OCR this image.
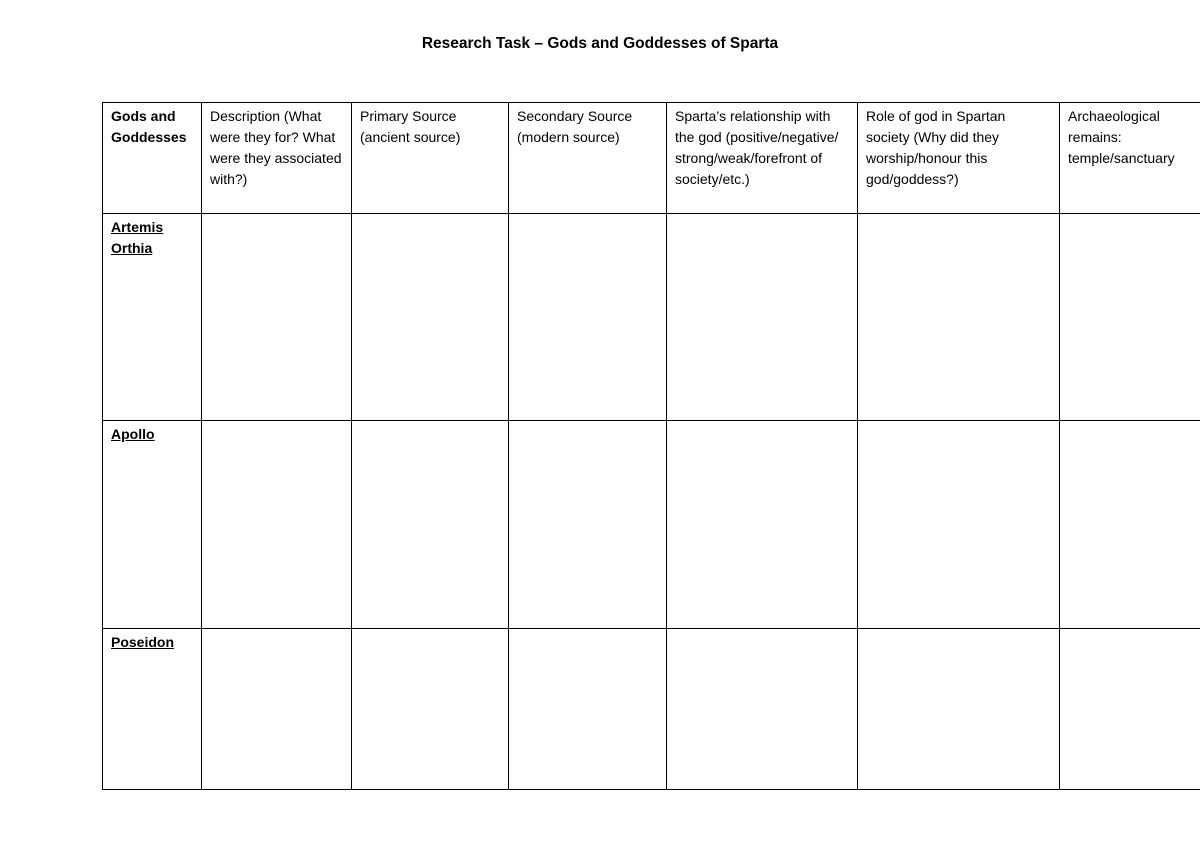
Research Task – Gods and Goddesses of Sparta
Gods and Goddesses	Description (What were they for? What were they associated with?)	Primary Source (ancient source)	Secondary Source (modern source)	Sparta’s relationship with the god (positive/negative/ strong/weak/forefront of society/etc.)	Role of god in Spartan society (Why did they worship/honour this god/goddess?)	Archaeological remains: temple/sanctuary
Artemis Orthia						
Apollo						
Poseidon						
